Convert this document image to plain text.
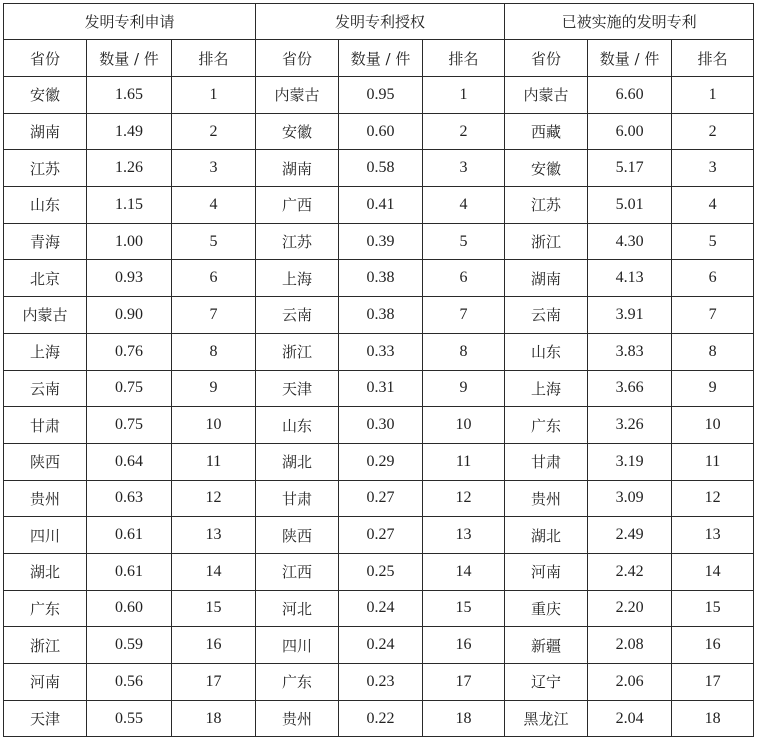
发明专利申请			发明专利授权			已被实施的发明专利		
省份	数量 / 件	排名	省份	数量 / 件	排名	省份	数量 / 件	排名
安徽	1.65	1	内蒙古	0.95	1	内蒙古	6.60	1
湖南	1.49	2	安徽	0.60	2	西藏	6.00	2
江苏	1.26	3	湖南	0.58	3	安徽	5.17	3
山东	1.15	4	广西	0.41	4	江苏	5.01	4
青海	1.00	5	江苏	0.39	5	浙江	4.30	5
北京	0.93	6	上海	0.38	6	湖南	4.13	6
内蒙古	0.90	7	云南	0.38	7	云南	3.91	7
上海	0.76	8	浙江	0.33	8	山东	3.83	8
云南	0.75	9	天津	0.31	9	上海	3.66	9
甘肃	0.75	10	山东	0.30	10	广东	3.26	10
陕西	0.64	11	湖北	0.29	11	甘肃	3.19	11
贵州	0.63	12	甘肃	0.27	12	贵州	3.09	12
四川	0.61	13	陕西	0.27	13	湖北	2.49	13
湖北	0.61	14	江西	0.25	14	河南	2.42	14
广东	0.60	15	河北	0.24	15	重庆	2.20	15
浙江	0.59	16	四川	0.24	16	新疆	2.08	16
河南	0.56	17	广东	0.23	17	辽宁	2.06	17
天津	0.55	18	贵州	0.22	18	黑龙江	2.04	18
